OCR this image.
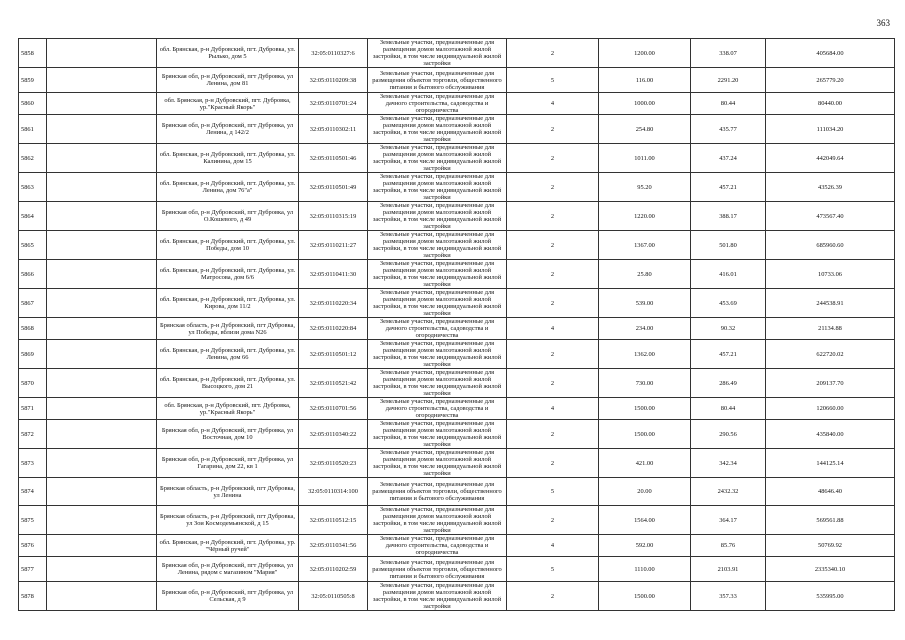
363
5858		обл. Брянская, р-н Дубровский, пгт. Дубровка, ул. Рылько, дом 5	32:05:0110327:6	Земельные участки, предназначенные для размещения домов малоэтажной жилой застройки, в том числе индивидуальной жилой застройки	2	1200.00	338.07	405684.00
5859		Брянская обл, р-н Дубровский, пгт Дубровка, ул Ленина, дом 81	32:05:0110209:38	Земельные участки, предназначенные для размещения объектов торговли, общественного питания и бытового обслуживания	5	116.00	2291.20	265779.20
5860		обл. Брянская, р-н Дубровский, пгт. Дубровка, ур."Красный Якорь"	32:05:0110701:24	Земельные участки, предназначенные для дачного строительства, садоводства и огородничества	4	1000.00	80.44	80440.00
5861		Брянская обл, р-н Дубровский, пгт Дубровка, ул Ленина, д 142/2	32:05:0110302:11	Земельные участки, предназначенные для размещения домов малоэтажной жилой застройки, в том числе индивидуальной жилой застройки	2	254.80	435.77	111034.20
5862		обл. Брянская, р-н Дубровский, пгт. Дубровка, ул. Калинина, дом 15	32:05:0110501:46	Земельные участки, предназначенные для размещения домов малоэтажной жилой застройки, в том числе индивидуальной жилой застройки	2	1011.00	437.24	442049.64
5863		обл. Брянская, р-н Дубровский, пгт. Дубровка, ул. Ленина, дом 76"а"	32:05:0110501:49	Земельные участки, предназначенные для размещения домов малоэтажной жилой застройки, в том числе индивидуальной жилой застройки	2	95.20	457.21	43526.39
5864		Брянская обл, р-н Дубровский, пгт Дубровка, ул О.Кошевого, д 49	32:05:0110315:19	Земельные участки, предназначенные для размещения домов малоэтажной жилой застройки, в том числе индивидуальной жилой застройки	2	1220.00	388.17	473567.40
5865		обл. Брянская, р-н Дубровский, пгт. Дубровка, ул. Победы, дом 10	32:05:0110211:27	Земельные участки, предназначенные для размещения домов малоэтажной жилой застройки, в том числе индивидуальной жилой застройки	2	1367.00	501.80	685960.60
5866		обл. Брянская, р-н Дубровский, пгт. Дубровка, ул. Матросова, дом 6/6	32:05:0110411:30	Земельные участки, предназначенные для размещения домов малоэтажной жилой застройки, в том числе индивидуальной жилой застройки	2	25.80	416.01	10733.06
5867		обл. Брянская, р-н Дубровский, пгт. Дубровка, ул. Кирова, дом 11/2	32:05:0110220:34	Земельные участки, предназначенные для размещения домов малоэтажной жилой застройки, в том числе индивидуальной жилой застройки	2	539.00	453.69	244538.91
5868		Брянская область, р-н Дубровский, пгт Дубровка, ул Победы, вблизи дома N26	32:05:0110220:84	Земельные участки, предназначенные для дачного строительства, садоводства и огородничества	4	234.00	90.32	21134.88
5869		обл. Брянская, р-н Дубровский, пгт. Дубровка, ул. Ленина, дом 66	32:05:0110501:12	Земельные участки, предназначенные для размещения домов малоэтажной жилой застройки, в том числе индивидуальной жилой застройки	2	1362.00	457.21	622720.02
5870		обл. Брянская, р-н Дубровский, пгт. Дубровка, ул. Высоцкого, дом 21	32:05:0110521:42	Земельные участки, предназначенные для размещения домов малоэтажной жилой застройки, в том числе индивидуальной жилой застройки	2	730.00	286.49	209137.70
5871		обл. Брянская, р-н Дубровский, пгт. Дубровка, ур."Красный Якорь"	32:05:0110701:56	Земельные участки, предназначенные для дачного строительства, садоводства и огородничества	4	1500.00	80.44	120660.00
5872		Брянская обл, р-н Дубровский, пгт Дубровка, ул Восточная, дом 10	32:05:0110340:22	Земельные участки, предназначенные для размещения домов малоэтажной жилой застройки, в том числе индивидуальной жилой застройки	2	1500.00	290.56	435840.00
5873		Брянская обл, р-н Дубровский, пгт Дубровка, ул Гагарина, дом 22, кв 1	32:05:0110520:23	Земельные участки, предназначенные для размещения домов малоэтажной жилой застройки, в том числе индивидуальной жилой застройки	2	421.00	342.34	144125.14
5874		Брянская область, р-н Дубровский, пгт Дубровка, ул Ленина	32:05:0110314:100	Земельные участки, предназначенные для размещения объектов торговли, общественного питания и бытового обслуживания	5	20.00	2432.32	48646.40
5875		Брянская область, р-н Дубровский, пгт Дубровка, ул Зои Космодемьянской, д 15	32:05:0110512:15	Земельные участки, предназначенные для размещения домов малоэтажной жилой застройки, в том числе индивидуальной жилой застройки	2	1564.00	364.17	569561.88
5876		обл. Брянская, р-н Дубровский, пгт. Дубровка, ур. "Чёрный ручей"	32:05:0110341:56	Земельные участки, предназначенные для дачного строительства, садоводства и огородничества	4	592.00	85.76	50769.92
5877		Брянская обл, р-н Дубровский, пгт Дубровка, ул Ленина, рядом с магазином "Мария"	32:05:0110202:59	Земельные участки, предназначенные для размещения объектов торговли, общественного питания и бытового обслуживания	5	1110.00	2103.91	2335340.10
5878		Брянская обл, р-н Дубровский, пгт Дубровка, ул Сельская, д 9	32:05:0110505:8	Земельные участки, предназначенные для размещения домов малоэтажной жилой застройки, в том числе индивидуальной жилой застройки	2	1500.00	357.33	535995.00
